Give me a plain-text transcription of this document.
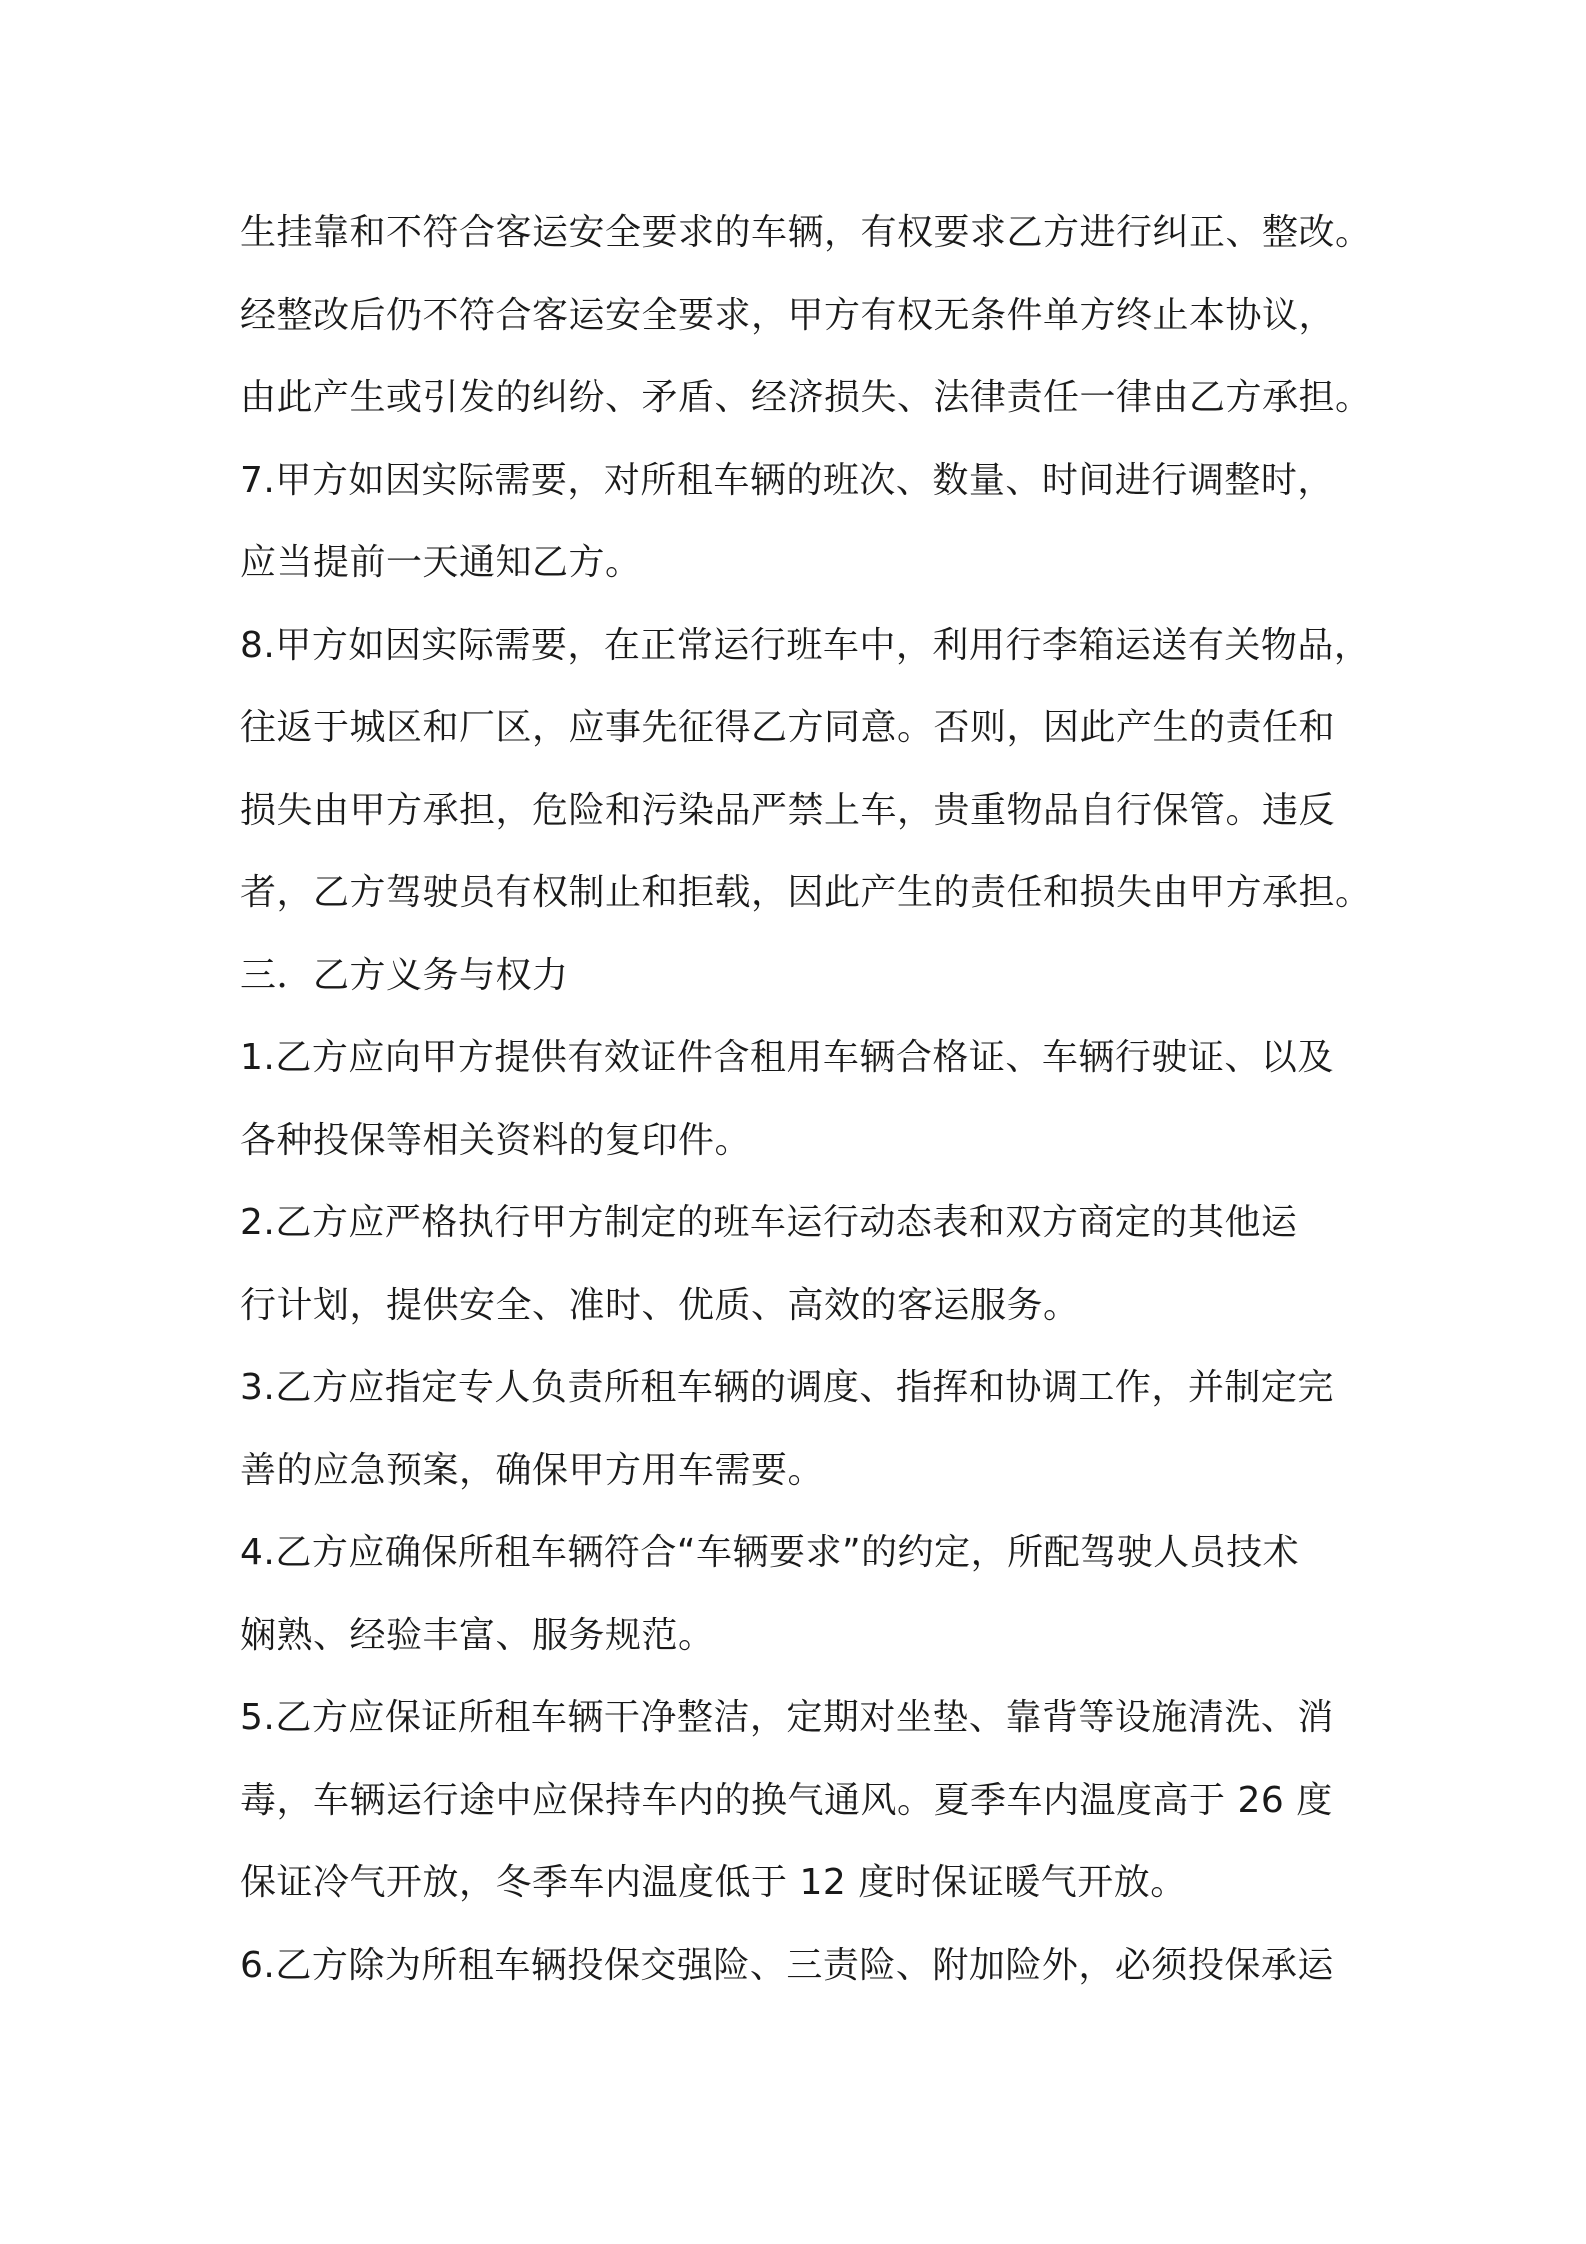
生挂靠和不符合客运安全要求的车辆，有权要求乙方进行纠正、整改。
经整改后仍不符合客运安全要求，甲方有权无条件单方终止本协议，
由此产生或引发的纠纷、矛盾、经济损失、法律责任一律由乙方承担。
7.甲方如因实际需要，对所租车辆的班次、数量、时间进行调整时，
应当提前一天通知乙方。
8.甲方如因实际需要，在正常运行班车中，利用行李箱运送有关物品，
往返于城区和厂区，应事先征得乙方同意。否则，因此产生的责任和
损失由甲方承担，危险和污染品严禁上车，贵重物品自行保管。违反
者，乙方驾驶员有权制止和拒载，因此产生的责任和损失由甲方承担。
三．乙方义务与权力
1.乙方应向甲方提供有效证件含租用车辆合格证、车辆行驶证、以及
各种投保等相关资料的复印件。
2.乙方应严格执行甲方制定的班车运行动态表和双方商定的其他运
行计划，提供安全、准时、优质、高效的客运服务。
3.乙方应指定专人负责所租车辆的调度、指挥和协调工作，并制定完
善的应急预案，确保甲方用车需要。
4.乙方应确保所租车辆符合“车辆要求”的约定，所配驾驶人员技术
娴熟、经验丰富、服务规范。
5.乙方应保证所租车辆干净整洁，定期对坐垫、靠背等设施清洗、消
毒，车辆运行途中应保持车内的换气通风。夏季车内温度高于 26 度
保证冷气开放，冬季车内温度低于 12 度时保证暖气开放。
6.乙方除为所租车辆投保交强险、三责险、附加险外，必须投保承运
